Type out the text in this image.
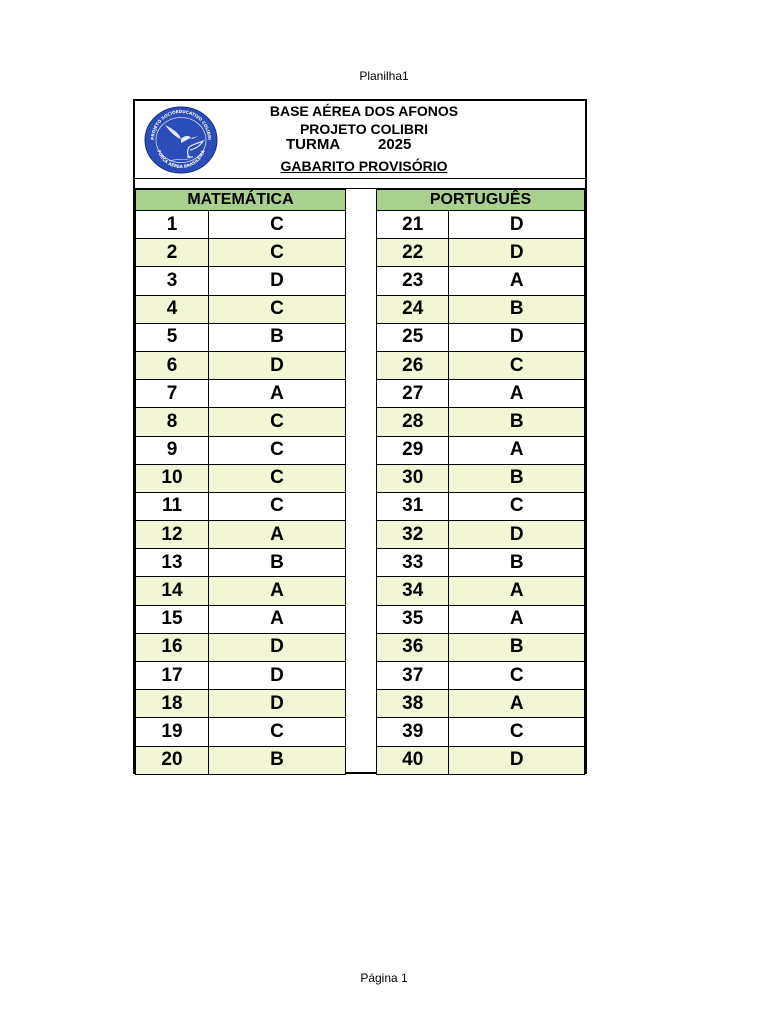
Planilha1
PROJETO SOCIOEDUCATIVO COLIBRI
FORÇA AÉREA BRASILEIRA
BASE AÉREA DOS AFONOS
PROJETO COLIBRI
TURMA	2025
GABARITO PROVISÓRIO
MATEMÁTICA	
1	C
2	C
3	D
4	C
5	B
6	D
7	A
8	C
9	C
10	C
11	C
12	A
13	B
14	A
15	A
16	D
17	D
18	D
19	C
20	B
PORTUGUÊS	
21	D
22	D
23	A
24	B
25	D
26	C
27	A
28	B
29	A
30	B
31	C
32	D
33	B
34	A
35	A
36	B
37	C
38	A
39	C
40	D
Página 1
